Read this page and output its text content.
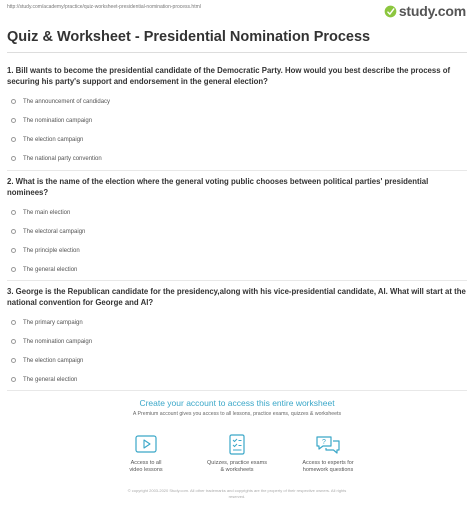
http://study.com/academy/practice/quiz-worksheet-presidential-nomination-process.html	study.com
Quiz & Worksheet - Presidential Nomination Process
1. Bill wants to become the presidential candidate of the Democratic Party. How would you best describe the process of securing his party's support and endorsement in the general election?
The announcement of candidacy
The nomination campaign
The election campaign
The national party convention
2. What is the name of the election where the general voting public chooses between political parties' presidential nominees?
The main election
The electoral campaign
The principle election
The general election
3. George is the Republican candidate for the presidency,along with his vice-presidential candidate, Al. What will start at the national convention for George and Al?
The primary campaign
The nomination campaign
The election campaign
The general election
Create your account to access this entire worksheet
A Premium account gives you access to all lessons, practice exams, quizzes & worksheets
Access to all
video lessons
Quizzes, practice exams
& worksheets
?
Access to experts for
homework questions
© copyright 2003-2020 Study.com. All other trademarks and copyrights are the property of their respective owners. All rights
reserved.
